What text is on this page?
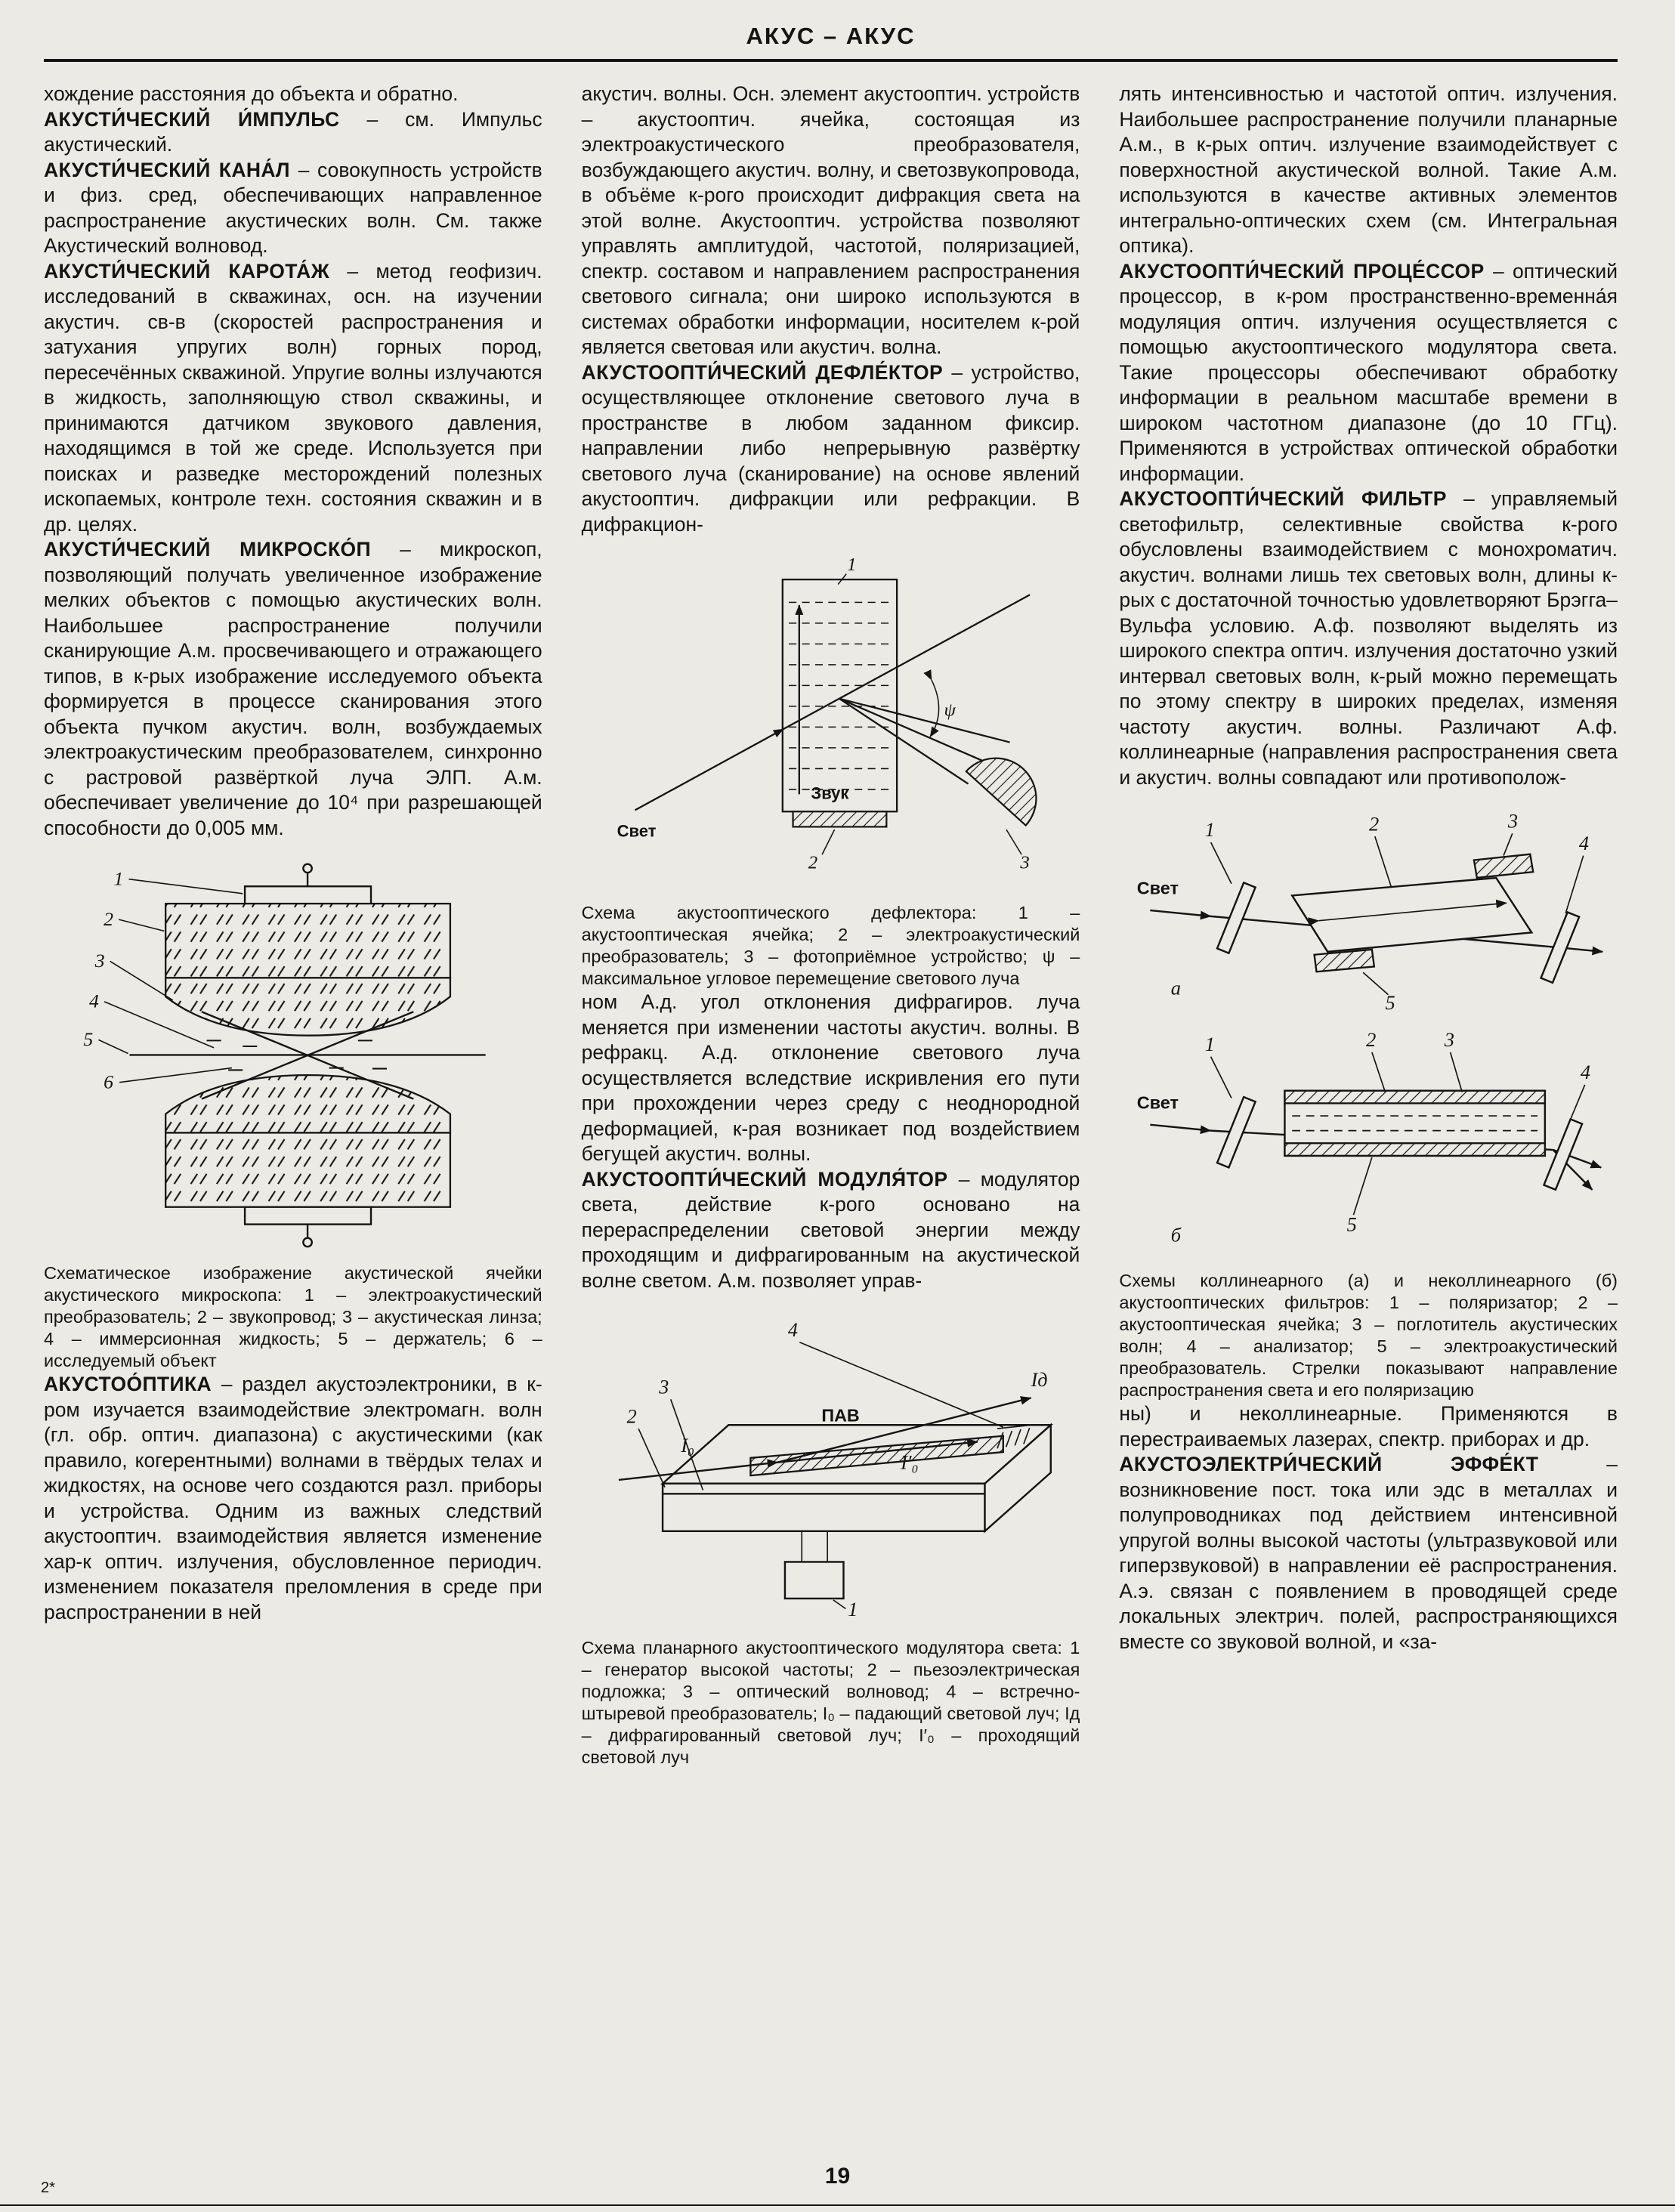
АКУС – АКУС

хождение расстояния до объекта и обратно.

АКУСТИ́ЧЕСКИЙ И́МПУЛЬС – см. Импульс акустический.

АКУСТИ́ЧЕСКИЙ КАНА́Л – совокупность устройств и физ. сред, обеспечивающих направленное распространение акустических волн. См. также Акустический волновод.

АКУСТИ́ЧЕСКИЙ КАРОТА́Ж – метод геофизич. исследований в скважинах, осн. на изучении акустич. св-в (скоростей распространения и затухания упругих волн) горных пород, пересечённых скважиной. Упругие волны излучаются в жидкость, заполняющую ствол скважины, и принимаются датчиком звукового давления, находящимся в той же среде. Используется при поисках и разведке месторождений полезных ископаемых, контроле техн. состояния скважин и в др. целях.

АКУСТИ́ЧЕСКИЙ МИКРОСКО́П – микроскоп, позволяющий получать увеличенное изображение мелких объектов с помощью акустических волн. Наибольшее распространение получили сканирующие А.м. просвечивающего и отражающего типов, в к-рых изображение исследуемого объекта формируется в процессе сканирования этого объекта пучком акустич. волн, возбуждаемых электроакустическим преобразователем, синхронно с растровой развёрткой луча ЭЛП. А.м. обеспечивает увеличение до 10⁴ при разрешающей способности до 0,005 мм.

1
2
3
4
5
6

Схематическое изображение акустической ячейки акустического микроскопа: 1 – электроакустический преобразователь; 2 – звукопровод; 3 – акустическая линза; 4 – иммерсионная жидкость; 5 – держатель; 6 – исследуемый объект

АКУСТОО́ПТИКА – раздел акустоэлектроники, в к-ром изучается взаимодействие электромагн. волн (гл. обр. оптич. диапазона) с акустическими (как правило, когерентными) волнами в твёрдых телах и жидкостях, на основе чего создаются разл. приборы и устройства. Одним из важных следствий акустооптич. взаимодействия является изменение хар-к оптич. излучения, обусловленное периодич. изменением показателя преломления в среде при распространении в ней

акустич. волны. Осн. элемент акустооптич. устройств – акустооптич. ячейка, состоящая из электроакустического преобразователя, возбуждающего акустич. волну, и светозвукопровода, в объёме к-рого происходит дифракция света на этой волне. Акустооптич. устройства позволяют управлять амплитудой, частотой, поляризацией, спектр. составом и направлением распространения светового сигнала; они широко используются в системах обработки информации, носителем к-рой является световая или акустич. волна.

АКУСТООПТИ́ЧЕСКИЙ ДЕФЛЕ́КТОР – устройство, осуществляющее отклонение светового луча в пространстве в любом заданном фиксир. направлении либо непрерывную развёртку светового луча (сканирование) на основе явлений акустооптич. дифракции или рефракции. В дифракцион-

Звук
Свет
ψ
3
2
1

Схема акустооптического дефлектора: 1 – акустооптическая ячейка; 2 – электроакустический преобразователь; 3 – фотоприёмное устройство; ψ – максимальное угловое перемещение светового луча

ном А.д. угол отклонения дифрагиров. луча меняется при изменении частоты акустич. волны. В рефракц. А.д. отклонение светового луча осуществляется вследствие искривления его пути при прохождении через среду с неоднородной деформацией, к-рая возникает под воздействием бегущей акустич. волны.

АКУСТООПТИ́ЧЕСКИЙ МОДУЛЯ́ТОР – модулятор света, действие к-рого основано на перераспределении световой энергии между проходящим и дифрагированным на акустической волне светом. А.м. позволяет управ-

I₀
I′₀
Iд
ПАВ
1
2
3
4

Схема планарного акустооптического модулятора света: 1 – генератор высокой частоты; 2 – пьезоэлектрическая подложка; 3 – оптический волновод; 4 – встречно-штыревой преобразователь; I₀ – падающий световой луч; Iд – дифрагированный световой луч; I′₀ – проходящий световой луч

лять интенсивностью и частотой оптич. излучения. Наибольшее распространение получили планарные А.м., в к-рых оптич. излучение взаимодействует с поверхностной акустической волной. Такие А.м. используются в качестве активных элементов интегрально-оптических схем (см. Интегральная оптика).

АКУСТООПТИ́ЧЕСКИЙ ПРОЦЕ́ССОР – оптический процессор, в к-ром пространственно-временна́я модуляция оптич. излучения осуществляется с помощью акустооптического модулятора света. Такие процессоры обеспечивают обработку информации в реальном масштабе времени в широком частотном диапазоне (до 10 ГГц). Применяются в устройствах оптической обработки информации.

АКУСТООПТИ́ЧЕСКИЙ ФИЛЬТР – управляемый светофильтр, селективные свойства к-рого обусловлены взаимодействием с монохроматич. акустич. волнами лишь тех световых волн, длины к-рых с достаточной точностью удовлетворяют Брэгга–Вульфа условию. А.ф. позволяют выделять из широкого спектра оптич. излучения достаточно узкий интервал световых волн, к-рый можно перемещать по этому спектру в широких пределах, изменяя частоту акустич. волны. Различают А.ф. коллинеарные (направления распространения света и акустич. волны совпадают или противополож-

Свет
1	2	3
4
5
а
Свет
1	2	3
4
5
б

Схемы коллинеарного (а) и неколлинеарного (б) акустооптических фильтров: 1 – поляризатор; 2 – акустооптическая ячейка; 3 – поглотитель акустических волн; 4 – анализатор; 5 – электроакустический преобразователь. Стрелки показывают направление распространения света и его поляризацию

ны) и неколлинеарные. Применяются в перестраиваемых лазерах, спектр. приборах и др.

АКУСТОЭЛЕКТРИ́ЧЕСКИЙ ЭФФЕ́КТ – возникновение пост. тока или эдс в металлах и полупроводниках под действием интенсивной упругой волны высокой частоты (ультразвуковой или гиперзвуковой) в направлении её распространения. А.э. связан с появлением в проводящей среде локальных электрич. полей, распространяющихся вместе со звуковой волной, и «за-

2*	19
